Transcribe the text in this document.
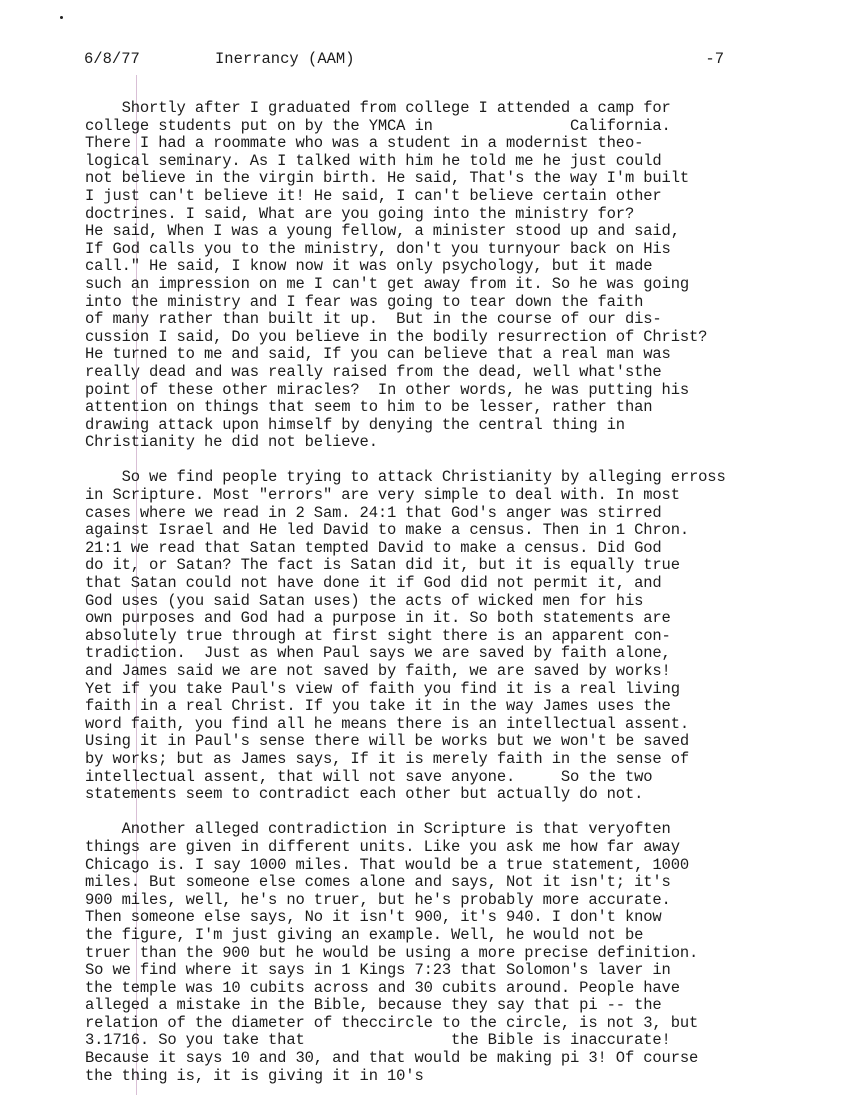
6/8/77	Inerrancy (AAM)	-7
Shortly after I graduated from college I attended a camp for
college students put on by the YMCA in               California.
There I had a roommate who was a student in a modernist theo-
logical seminary. As I talked with him he told me he just could
not believe in the virgin birth. He said, That's the way I'm built
I just can't believe it! He said, I can't believe certain other
doctrines. I said, What are you going into the ministry for?
He said, When I was a young fellow, a minister stood up and said,
If God calls you to the ministry, don't you turnyour back on His
call." He said, I know now it was only psychology, but it made
such an impression on me I can't get away from it. So he was going
into the ministry and I fear was going to tear down the faith
of many rather than built it up.  But in the course of our dis-
cussion I said, Do you believe in the bodily resurrection of Christ?
He turned to me and said, If you can believe that a real man was
really dead and was really raised from the dead, well what'sthe
point of these other miracles?  In other words, he was putting his
attention on things that seem to him to be lesser, rather than
drawing attack upon himself by denying the central thing in
Christianity he did not believe.
So we find people trying to attack Christianity by alleging erross
in Scripture. Most "errors" are very simple to deal with. In most
cases where we read in 2 Sam. 24:1 that God's anger was stirred
against Israel and He led David to make a census. Then in 1 Chron.
21:1 we read that Satan tempted David to make a census. Did God
do it, or Satan? The fact is Satan did it, but it is equally true
that Satan could not have done it if God did not permit it, and
God uses (you said Satan uses) the acts of wicked men for his
own purposes and God had a purpose in it. So both statements are
absolutely true through at first sight there is an apparent con-
tradiction.  Just as when Paul says we are saved by faith alone,
and James said we are not saved by faith, we are saved by works!
Yet if you take Paul's view of faith you find it is a real living
faith in a real Christ. If you take it in the way James uses the
word faith, you find all he means there is an intellectual assent.
Using it in Paul's sense there will be works but we won't be saved
by works; but as James says, If it is merely faith in the sense of
intellectual assent, that will not save anyone.     So the two
statements seem to contradict each other but actually do not.
Another alleged contradiction in Scripture is that veryoften
things are given in different units. Like you ask me how far away
Chicago is. I say 1000 miles. That would be a true statement, 1000
miles. But someone else comes alone and says, Not it isn't; it's
900 miles, well, he's no truer, but he's probably more accurate.
Then someone else says, No it isn't 900, it's 940. I don't know
the figure, I'm just giving an example. Well, he would not be
truer than the 900 but he would be using a more precise definition.
So we find where it says in 1 Kings 7:23 that Solomon's laver in
the temple was 10 cubits across and 30 cubits around. People have
alleged a mistake in the Bible, because they say that pi -- the
relation of the diameter of theccircle to the circle, is not 3, but
3.1716. So you take that                the Bible is inaccurate!
Because it says 10 and 30, and that would be making pi 3! Of course
the thing is, it is giving it in 10's
